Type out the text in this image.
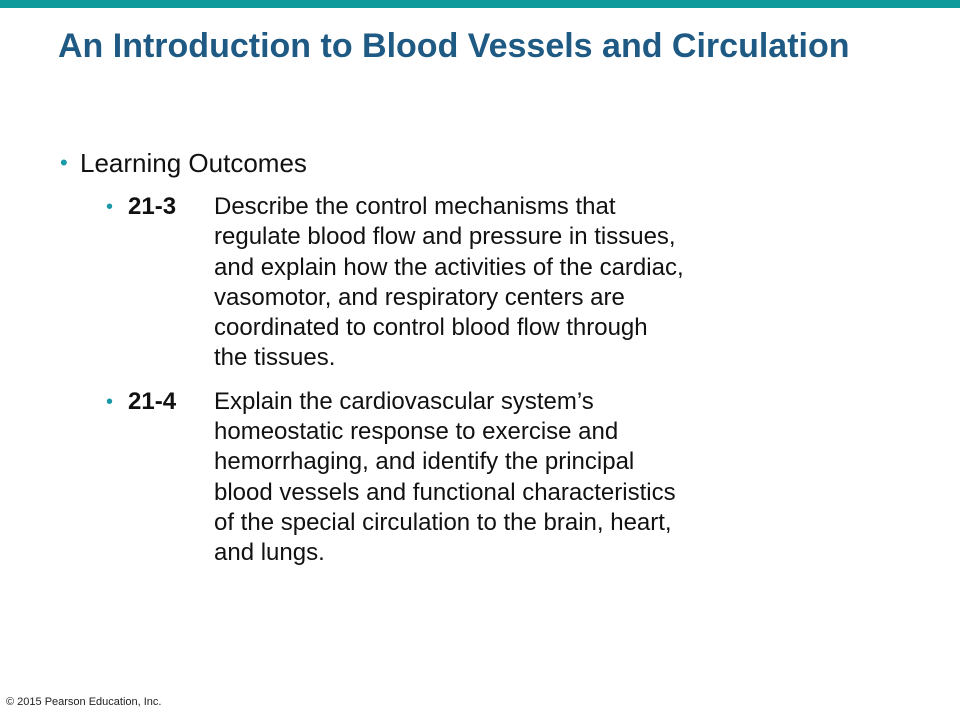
An Introduction to Blood Vessels and Circulation
• Learning Outcomes
• 21-3 Describe the control mechanisms that
regulate blood flow and pressure in tissues,
and explain how the activities of the cardiac,
vasomotor, and respiratory centers are
coordinated to control blood flow through
the tissues.
• 21-4 Explain the cardiovascular system’s
homeostatic response to exercise and
hemorrhaging, and identify the principal
blood vessels and functional characteristics
of the special circulation to the brain, heart,
and lungs.
© 2015 Pearson Education, Inc.
